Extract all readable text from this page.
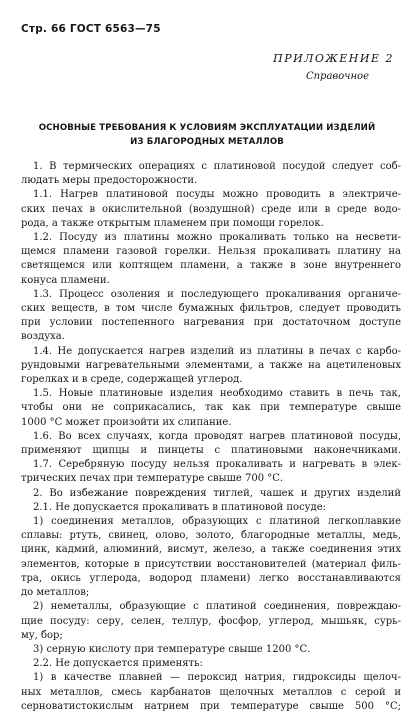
Стр. 66 ГОСТ 6563—75
ПРИЛОЖЕНИЕ 2
Справочное
ОСНОВНЫЕ ТРЕБОВАНИЯ К УСЛОВИЯМ ЭКСПЛУАТАЦИИ ИЗДЕЛИЙ
ИЗ БЛАГОРОДНЫХ МЕТАЛЛОВ
1. В термических операциях с платиновой посудой следует соб-
людать меры предосторожности.
1.1. Нагрев платиновой посуды можно проводить в электриче-
ских печах в окислительной (воздушной) среде или в среде водо-
рода, а также открытым пламенем при помощи горелок.
1.2. Посуду из платины можно прокаливать только на несвети-
щемся пламени газовой горелки. Нельзя прокаливать платину на
светящемся или коптящем пламени, а также в зоне внутреннего
конуса пламени.
1.3. Процесс озоления и последующего прокаливания органиче-
ских веществ, в том числе бумажных фильтров, следует проводить
при условии постепенного нагревания при достаточном доступе
воздуха.
1.4. Не допускается нагрев изделий из платины в печах с карбо-
рундовыми нагревательными элементами, а также на ацетиленовых
горелках и в среде, содержащей углерод.
1.5. Новые платиновые изделия необходимо ставить в печь так,
чтобы они не соприкасались, так как при температуре свыше
1000 °С может произойти их слипание.
1.6. Во всех случаях, когда проводят нагрев платиновой посуды,
применяют щипцы и пинцеты с платиновыми наконечниками.
1.7. Серебряную посуду нельзя прокаливать и нагревать в элек-
трических печах при температуре свыше 700 °С.
2. Во избежание повреждения тиглей, чашек и других изделий
2.1. Не допускается прокаливать в платиновой посуде:
1) соединения металлов, образующих с платиной легкоплавкие
сплавы: ртуть, свинец, олово, золото, благородные металлы, медь,
цинк, кадмий, алюминий, висмут, железо, а также соединения этих
элементов, которые в присутствии восстановителей (материал филь-
тра, окись углерода, водород пламени) легко восстанавливаются
до металлов;
2) неметаллы, образующие с платиной соединения, повреждаю-
щие посуду: серу, селен, теллур, фосфор, углерод, мышьяк, сурь-
му, бор;
3) серную кислоту при температуре свыше 1200 °С.
2.2. Не допускается применять:
1) в качестве плавней — пероксид натрия, гидроксиды щелоч-
ных металлов, смесь карбанатов щелочных металлов с серой и
серноватистокислым натрием при температуре свыше 500 °С;
